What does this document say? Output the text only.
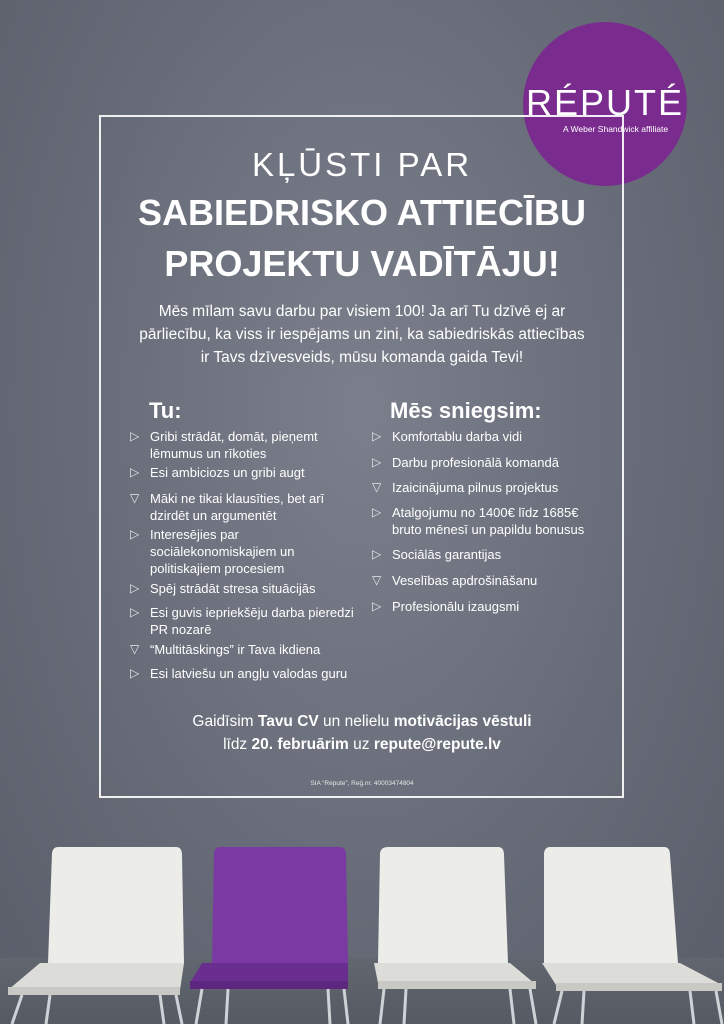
RÉPUTÉ
A Weber Shandwick affiliate
KĻŪSTI PAR
SABIEDRISKO ATTIECĪBU
PROJEKTU VADĪTĀJU!
Mēs mīlam savu darbu par visiem 100! Ja arī Tu dzīvē ej ar
pārliecību, ka viss ir iespējams un zini, ka sabiedriskās attiecības
ir Tavs dzīvesveids, mūsu komanda gaida Tevi!
Tu:
▷ Gribi strādāt, domāt, pieņemt
lēmumus un rīkoties
▷ Esi ambiciozs un gribi augt
▽ Māki ne tikai klausīties, bet arī
dzirdēt un argumentēt
▷ Interesējies par
sociālekonomiskajiem un
politiskajiem procesiem
▷ Spēj strādāt stresa situācijās
▷ Esi guvis iepriekšēju darba pieredzi
PR nozarē
▽ “Multitāskings” ir Tava ikdiena
▷ Esi latviešu un angļu valodas guru
Mēs sniegsim:
▷ Komfortablu darba vidi
▷ Darbu profesionālā komandā
▽ Izaicinājuma pilnus projektus
▷ Atalgojumu no 1400€ līdz 1685€
bruto mēnesī un papildu bonusus
▷ Sociālās garantijas
▽ Veselības apdrošināšanu
▷ Profesionālu izaugsmi
Gaidīsim Tavu CV un nelielu motivācijas vēstuli
līdz 20. februārim uz repute@repute.lv
SIA “Repute”, Reģ.nr. 40003474804
